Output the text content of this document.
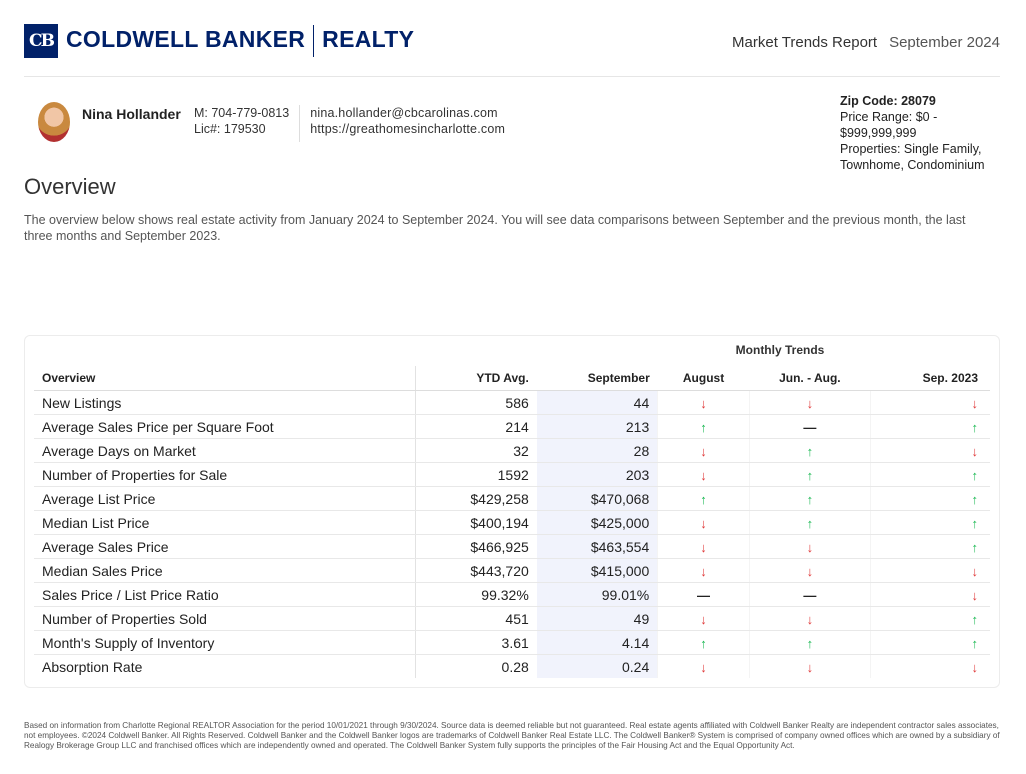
CB COLDWELL BANKER REALTY	Market Trends Report September 2024
Nina Hollander	M: 704-779-0813
Lic#: 179530
nina.hollander@cbcarolinas.com
https://greathomesincharlotte.com
Zip Code: 28079
Price Range: $0 - $999,999,999
Properties: Single Family, Townhome, Condominium
Overview
The overview below shows real estate activity from January 2024 to September 2024. You will see data comparisons between September and the previous month, the last three months and September 2023.
Monthly Trends
Overview	YTD Avg.	September	August	Jun. - Aug.	Sep. 2023
New Listings	586	44	↓	↓	↓
Average Sales Price per Square Foot	214	213	↑	—	↑
Average Days on Market	32	28	↓	↑	↓
Number of Properties for Sale	1592	203	↓	↑	↑
Average List Price	$429,258	$470,068	↑	↑	↑
Median List Price	$400,194	$425,000	↓	↑	↑
Average Sales Price	$466,925	$463,554	↓	↓	↑
Median Sales Price	$443,720	$415,000	↓	↓	↓
Sales Price / List Price Ratio	99.32%	99.01%	—	—	↓
Number of Properties Sold	451	49	↓	↓	↑
Month's Supply of Inventory	3.61	4.14	↑	↑	↑
Absorption Rate	0.28	0.24	↓	↓	↓
Based on information from Charlotte Regional REALTOR Association for the period 10/01/2021 through 9/30/2024. Source data is deemed reliable but not guaranteed. Real estate agents affiliated with Coldwell Banker Realty are independent contractor sales associates, not employees. ©2024 Coldwell Banker. All Rights Reserved. Coldwell Banker and the Coldwell Banker logos are trademarks of Coldwell Banker Real Estate LLC. The Coldwell Banker® System is comprised of company owned offices which are owned by a subsidiary of Realogy Brokerage Group LLC and franchised offices which are independently owned and operated. The Coldwell Banker System fully supports the principles of the Fair Housing Act and the Equal Opportunity Act.
